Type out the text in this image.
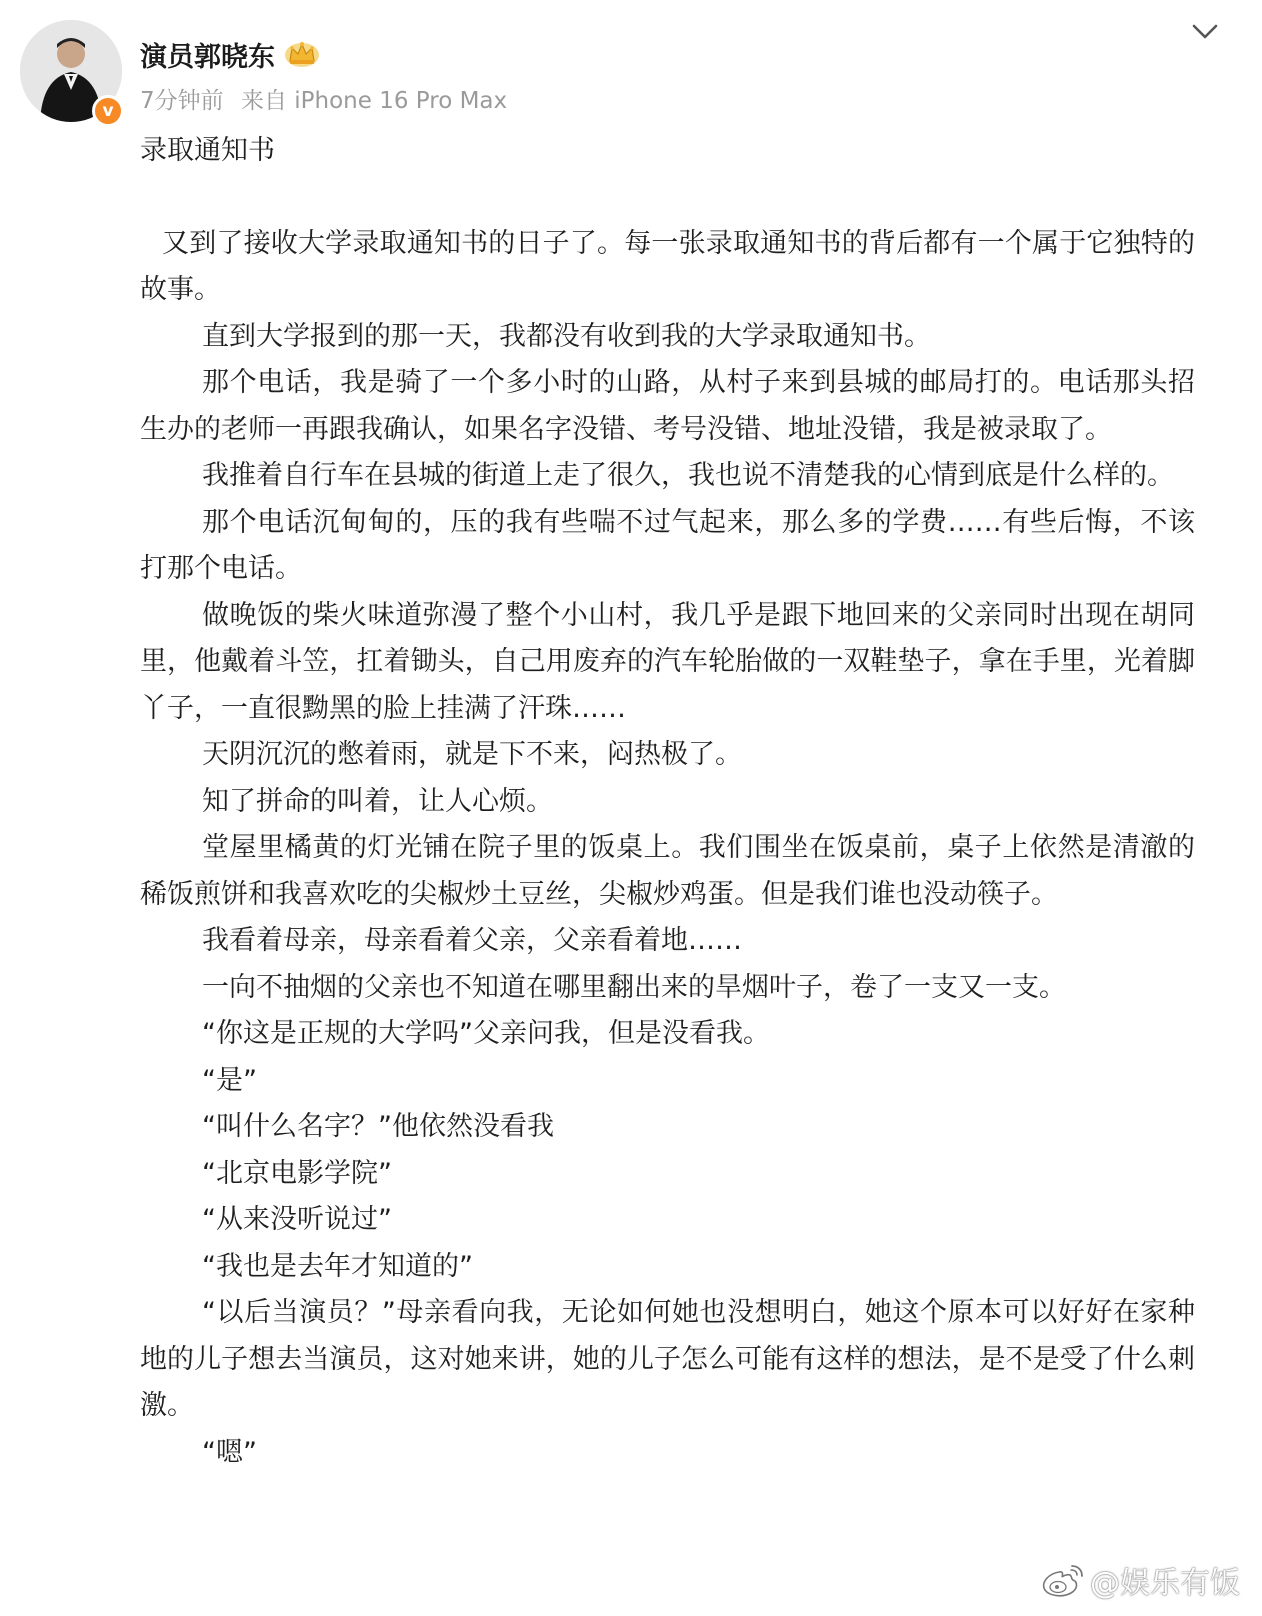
v
演员郭晓东
7分钟前 来自 iPhone 16 Pro Max

录取通知书

又到了接收大学录取通知书的日子了。每一张录取通知书的背后都有一个属于它独特的故事。

直到大学报到的那一天，我都没有收到我的大学录取通知书。

那个电话，我是骑了一个多小时的山路，从村子来到县城的邮局打的。电话那头招生办的老师一再跟我确认，如果名字没错、考号没错、地址没错，我是被录取了。

我推着自行车在县城的街道上走了很久，我也说不清楚我的心情到底是什么样的。

那个电话沉甸甸的，压的我有些喘不过气起来，那么多的学费……有些后悔，不该打那个电话。

做晚饭的柴火味道弥漫了整个小山村，我几乎是跟下地回来的父亲同时出现在胡同里，他戴着斗笠，扛着锄头，自己用废弃的汽车轮胎做的一双鞋垫子，拿在手里，光着脚丫子，一直很黝黑的脸上挂满了汗珠……

天阴沉沉的憋着雨，就是下不来，闷热极了。

知了拼命的叫着，让人心烦。

堂屋里橘黄的灯光铺在院子里的饭桌上。我们围坐在饭桌前，桌子上依然是清澈的稀饭煎饼和我喜欢吃的尖椒炒土豆丝，尖椒炒鸡蛋。但是我们谁也没动筷子。

我看着母亲，母亲看着父亲，父亲看着地……

一向不抽烟的父亲也不知道在哪里翻出来的旱烟叶子，卷了一支又一支。

“你这是正规的大学吗”父亲问我，但是没看我。

“是”

“叫什么名字？”他依然没看我

“北京电影学院”

“从来没听说过”

“我也是去年才知道的”

“以后当演员？”母亲看向我，无论如何她也没想明白，她这个原本可以好好在家种地的儿子想去当演员，这对她来讲，她的儿子怎么可能有这样的想法，是不是受了什么刺激。

“嗯”

@娱乐有饭
